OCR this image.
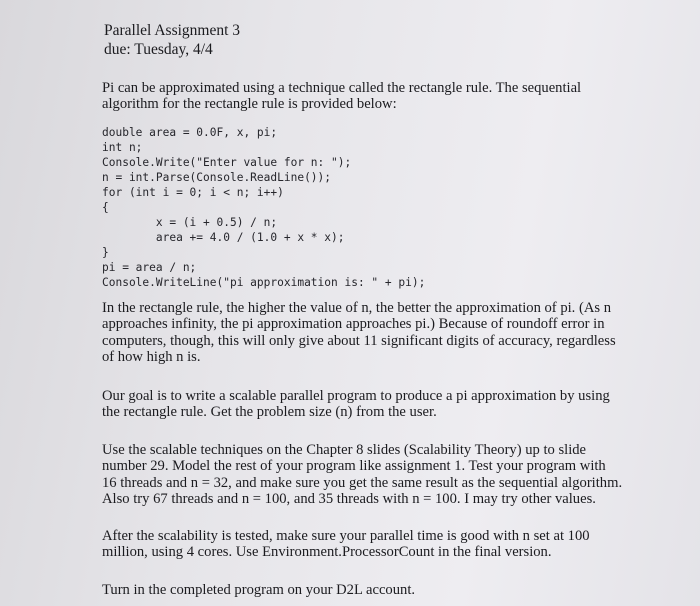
Parallel Assignment 3
due: Tuesday, 4/4
Pi can be approximated using a technique called the rectangle rule. The sequential
algorithm for the rectangle rule is provided below:
double area = 0.0F, x, pi;
int n;
Console.Write("Enter value for n: ");
n = int.Parse(Console.ReadLine());
for (int i = 0; i < n; i++)
{
x = (i + 0.5) / n;
area += 4.0 / (1.0 + x * x);
}
pi = area / n;
Console.WriteLine("pi approximation is: " + pi);
In the rectangle rule, the higher the value of n, the better the approximation of pi. (As n
approaches infinity, the pi approximation approaches pi.) Because of roundoff error in
computers, though, this will only give about 11 significant digits of accuracy, regardless
of how high n is.
Our goal is to write a scalable parallel program to produce a pi approximation by using
the rectangle rule. Get the problem size (n) from the user.
Use the scalable techniques on the Chapter 8 slides (Scalability Theory) up to slide
number 29. Model the rest of your program like assignment 1. Test your program with
16 threads and n = 32, and make sure you get the same result as the sequential algorithm.
Also try 67 threads and n = 100, and 35 threads with n = 100. I may try other values.
After the scalability is tested, make sure your parallel time is good with n set at 100
million, using 4 cores. Use Environment.ProcessorCount in the final version.
Turn in the completed program on your D2L account.
